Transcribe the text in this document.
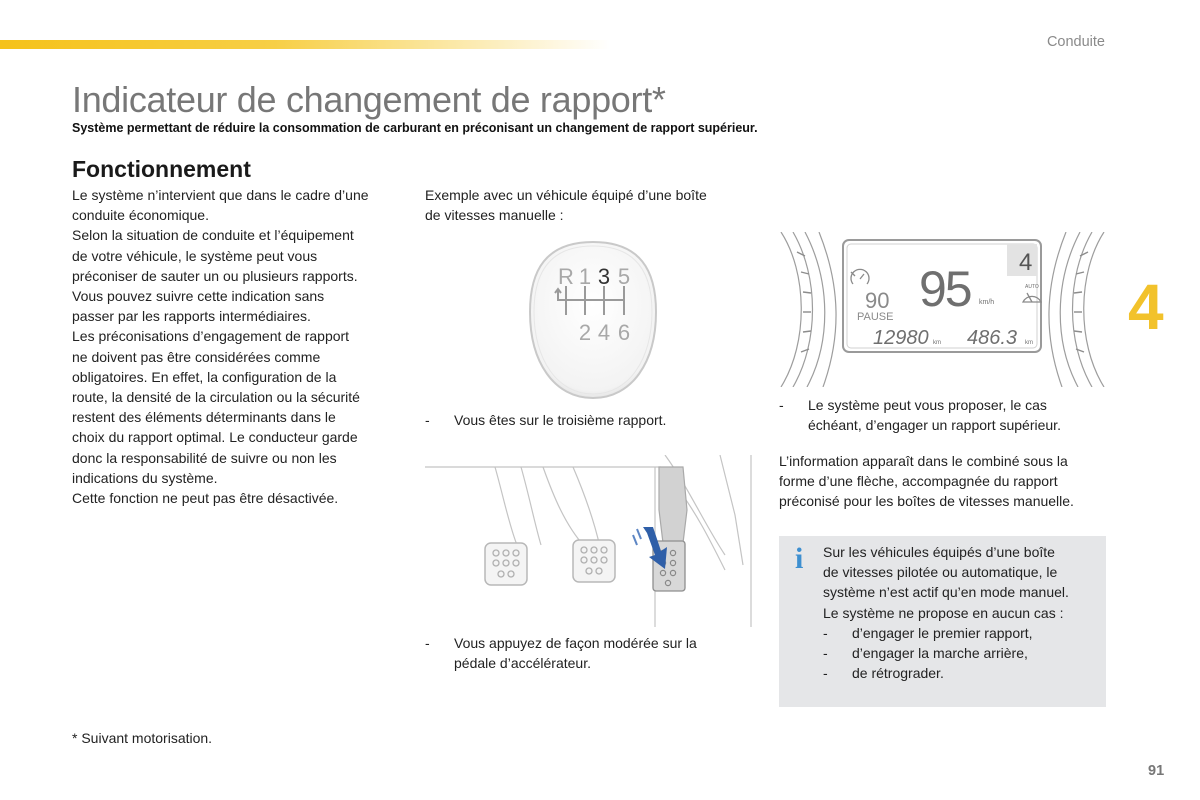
Conduite
Indicateur de changement de rapport*
Système permettant de réduire la consommation de carburant en préconisant un changement de rapport supérieur.
Fonctionnement
Le système n’intervient que dans le cadre d’une
conduite économique.
Selon la situation de conduite et l’équipement
de votre véhicule, le système peut vous
préconiser de sauter un ou plusieurs rapports.
Vous pouvez suivre cette indication sans
passer par les rapports intermédiaires.
Les préconisations d’engagement de rapport
ne doivent pas être considérées comme
obligatoires. En effet, la configuration de la
route, la densité de la circulation ou la sécurité
restent des éléments déterminants dans le
choix du rapport optimal. Le conducteur garde
donc la responsabilité de suivre ou non les
indications du système.
Cette fonction ne peut pas être désactivée.
Exemple avec un véhicule équipé d’une boîte
de vitesses manuelle :
R 1 3 5
2 4 6
-	Vous êtes sur le troisième rapport.
-	Vous appuyez de façon modérée sur la
pédale d’accélérateur.
95 km/h
4
90
PAUSE
12980 km 486.3 km
AUTO
-	Le système peut vous proposer, le cas
échéant, d’engager un rapport supérieur.
L’information apparaît dans le combiné sous la
forme d’une flèche, accompagnée du rapport
préconisé pour les boîtes de vitesses manuelle.
i Sur les véhicules équipés d’une boîte
de vitesses pilotée ou automatique, le
système n’est actif qu’en mode manuel.
Le système ne propose en aucun cas :
-	d’engager le premier rapport,
-	d’engager la marche arrière,
-	de rétrograder.
4
* Suivant motorisation.
91
